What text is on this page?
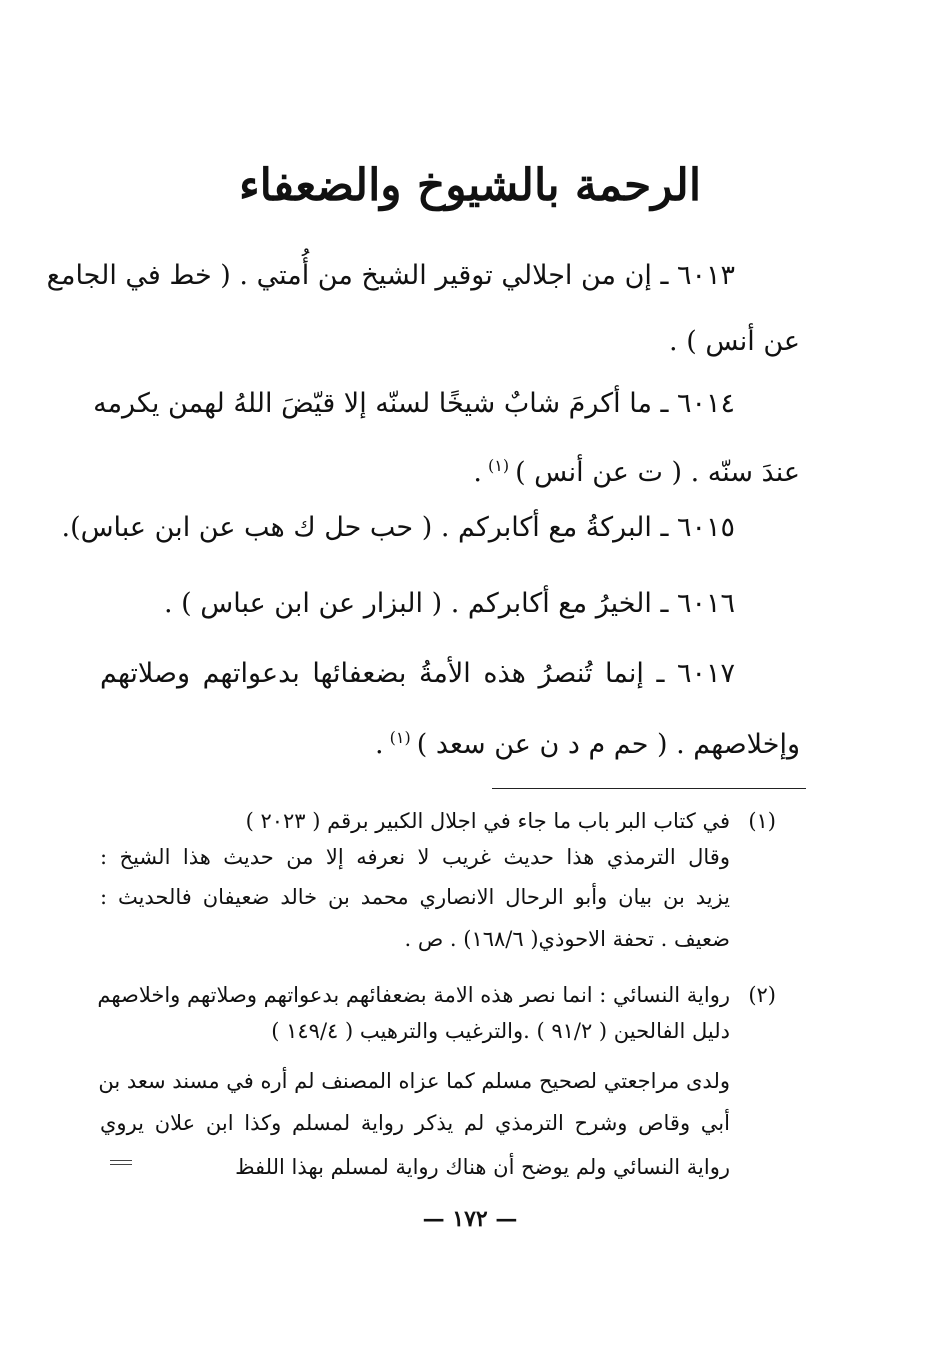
الرحمة بالشيوخ والضعفاء
٦٠١٣ ـ إن من اجلالي توقير الشيخ من أُمتي . ( خط في الجامع
عن أنس ) .
٦٠١٤ ـ ما أكرمَ شابٌ شيخًا لسنّه إلا قيّضَ اللهُ لهمن يكرمه
عندَ سنّه . ( ت عن أنس )$^{(١)}$.
٦٠١٥ ـ البركةُ مع أكابركم . ( حب حل ك هب عن ابن عباس).
٦٠١٦ ـ الخيرُ مع أكابركم . ( البزار عن ابن عباس ) .
٦٠١٧ ـ إنما تُنصرُ هذه الأمةُ بضعفائها بدعواتهم وصلاتهم
وإخلاصهم . ( حم م د ن عن سعد )$^{(١)}$.
(١)
في كتاب البر باب ما جاء في اجلال الكبير برقم ( ٢٠٢٣ )
وقال الترمذي هذا حديث غريب لا نعرفه إلا من حديث هذا الشيخ :
يزيد بن بيان وأبو الرحال الانصاري محمد بن خالد ضعيفان فالحديث :
ضعيف . تحفة الاحوذي( ١٦٨/٦) . ص .
(٢)
رواية النسائي : انما نصر هذه الامة بضعفائهم بدعواتهم وصلاتهم واخلاصهم
دليل الفالحين ( ٩١/٢ ) .والترغيب والترهيب ( ١٤٩/٤ )
ولدى مراجعتي لصحيح مسلم كما عزاه المصنف لم أره في مسند سعد بن
أبي وقاص وشرح الترمذي لم يذكر رواية لمسلم وكذا ابن علان يروي
رواية النسائي ولم يوضح أن هناك رواية لمسلم بهذا اللفظ
— ١٧٢ —
